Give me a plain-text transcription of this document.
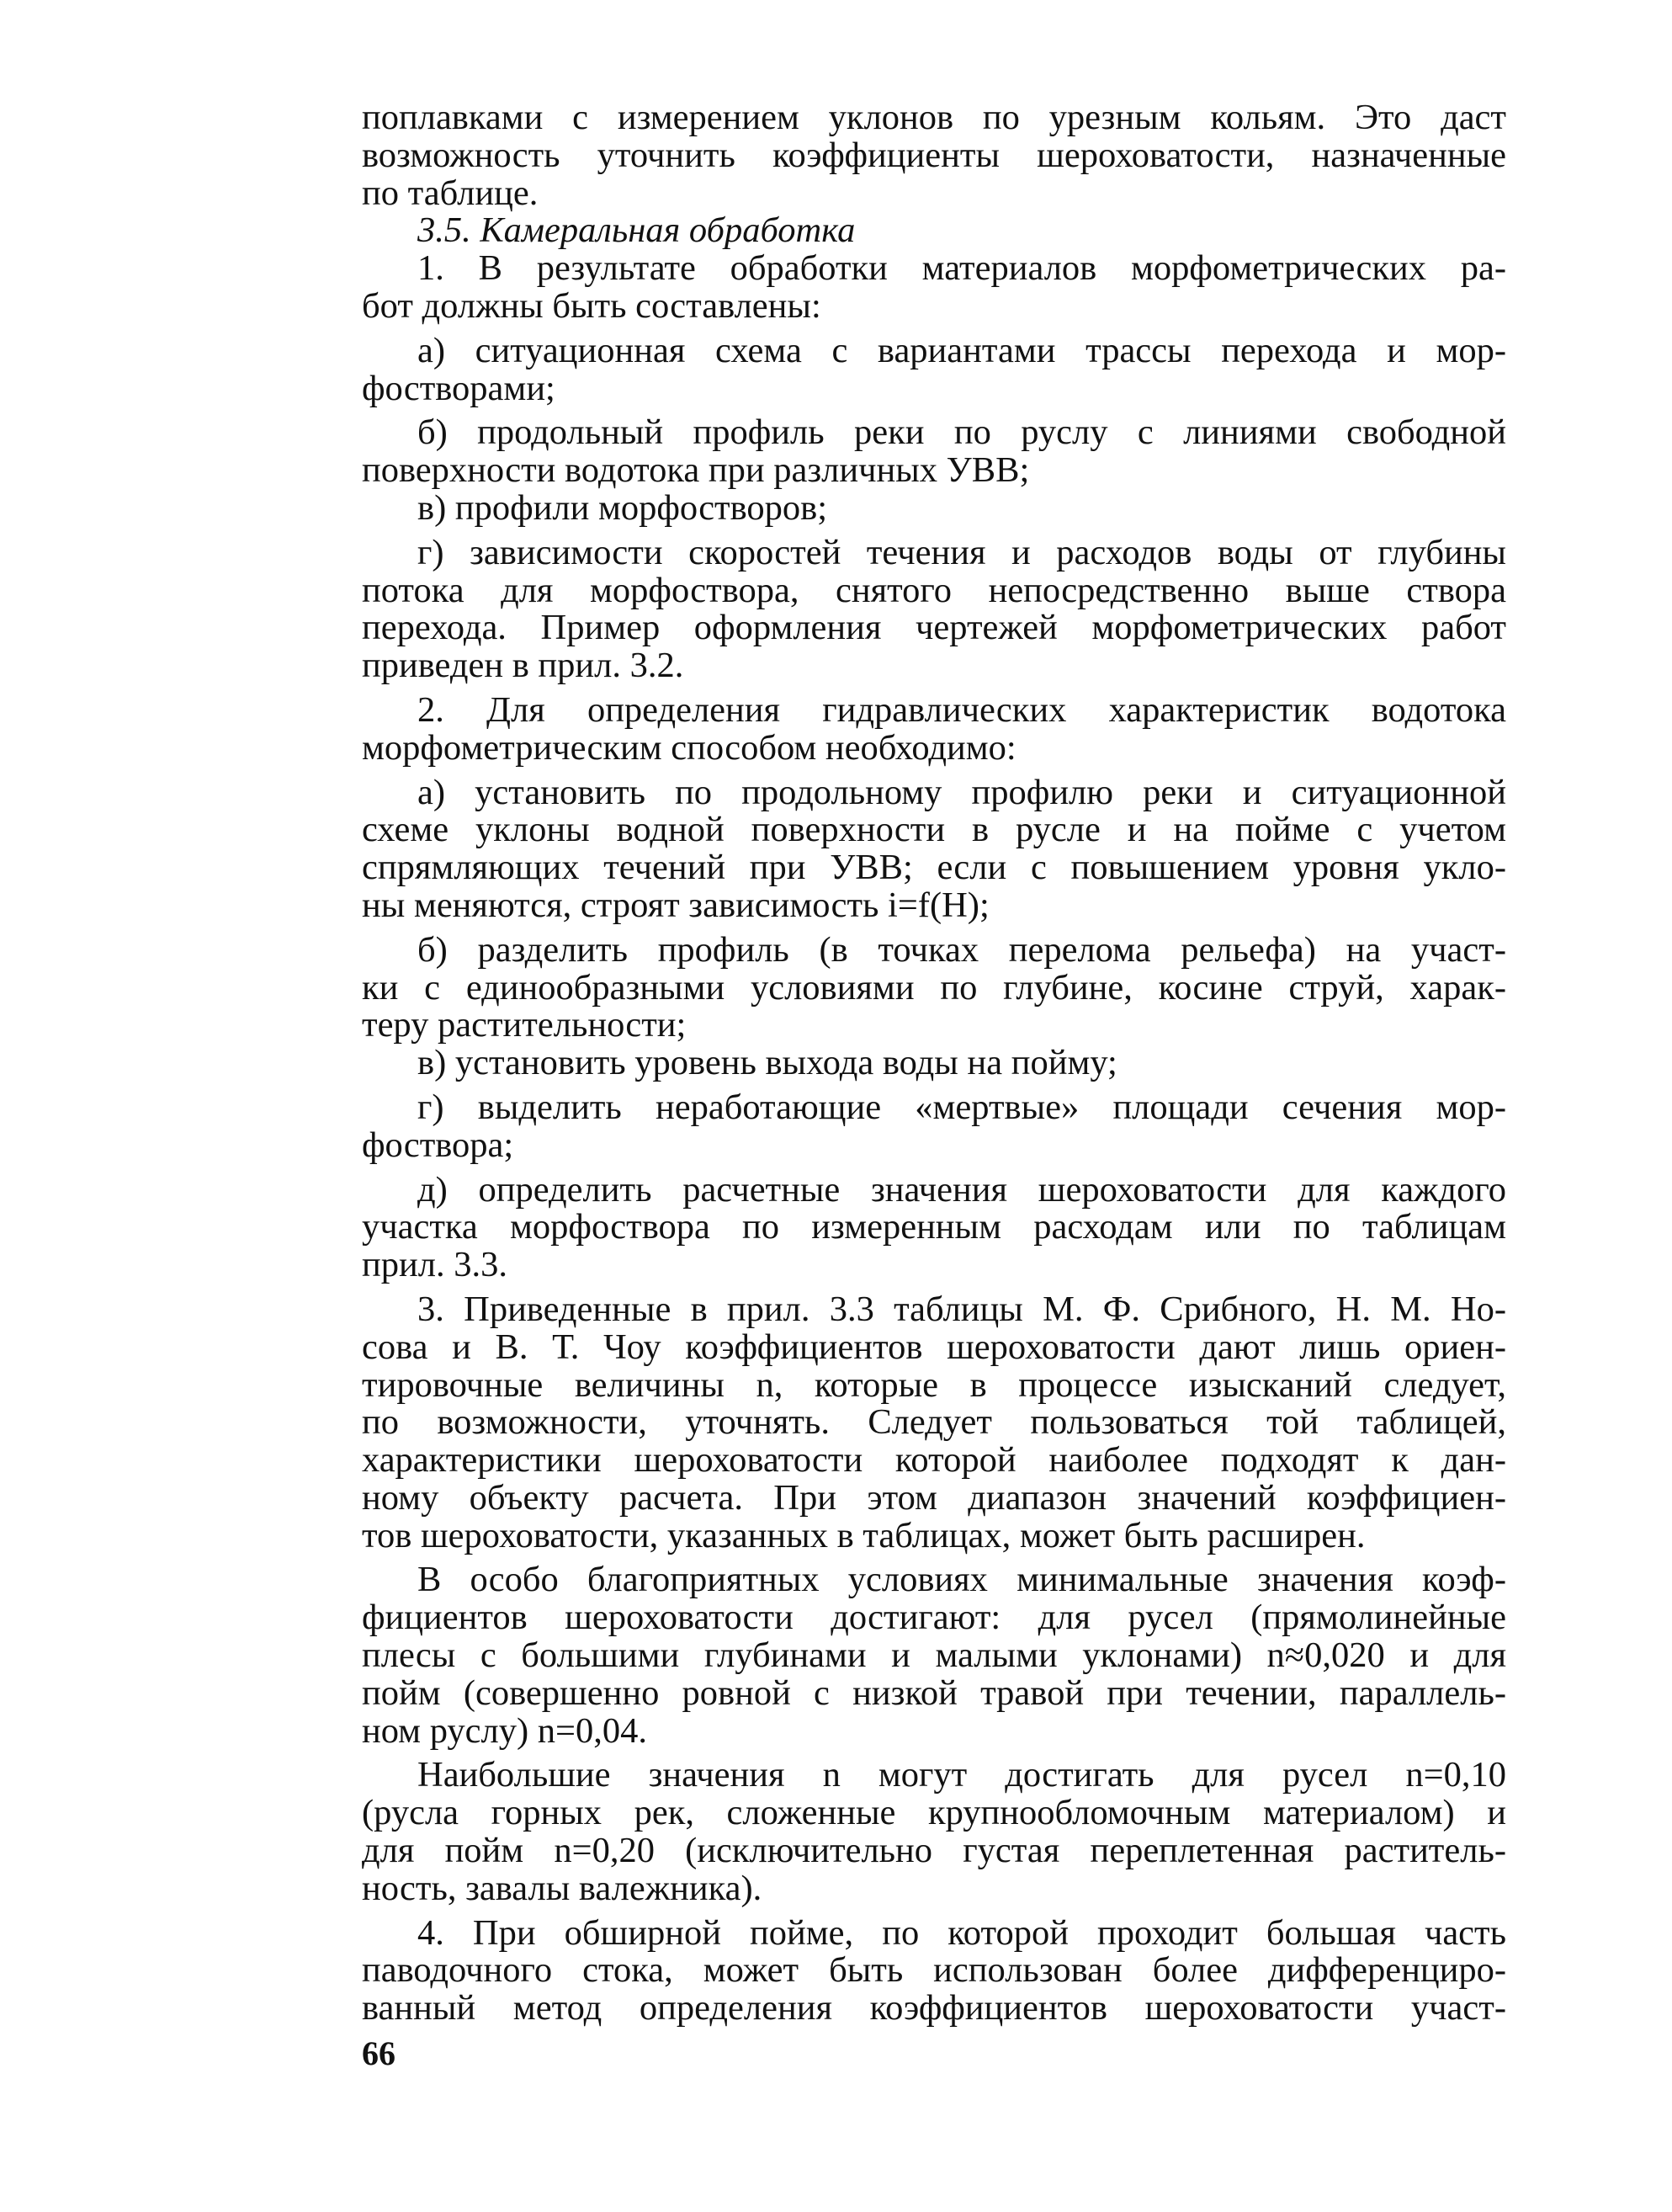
поплавками с измерением уклонов по урезным кольям. Это даст
возможность уточнить коэффициенты шероховатости, назначенные
по таблице.
3.5. Камеральная обработка
1. В результате обработки материалов морфометрических ра-
бот должны быть составлены:
а) ситуационная схема с вариантами трассы перехода и мор-
фостворами;
б) продольный профиль реки по руслу с линиями свободной
поверхности водотока при различных УВВ;
в) профили морфостворов;
г) зависимости скоростей течения и расходов воды от глубины
потока для морфоствора, снятого непосредственно выше створа
перехода. Пример оформления чертежей морфометрических работ
приведен в прил. 3.2.
2. Для определения гидравлических характеристик водотока
морфометрическим способом необходимо:
а) установить по продольному профилю реки и ситуационной
схеме уклоны водной поверхности в русле и на пойме с учетом
спрямляющих течений при УВВ; если с повышением уровня укло-
ны меняются, строят зависимость i=f(H);
б) разделить профиль (в точках перелома рельефа) на участ-
ки с единообразными условиями по глубине, косине струй, харак-
теру растительности;
в) установить уровень выхода воды на пойму;
г) выделить неработающие «мертвые» площади сечения мор-
фоствора;
д) определить расчетные значения шероховатости для каждого
участка морфоствора по измеренным расходам или по таблицам
прил. 3.3.
3. Приведенные в прил. 3.3 таблицы М. Ф. Срибного, Н. М. Но-
сова и В. Т. Чоу коэффициентов шероховатости дают лишь ориен-
тировочные величины n, которые в процессе изысканий следует,
по возможности, уточнять. Следует пользоваться той таблицей,
характеристики шероховатости которой наиболее подходят к дан-
ному объекту расчета. При этом диапазон значений коэффициен-
тов шероховатости, указанных в таблицах, может быть расширен.
В особо благоприятных условиях минимальные значения коэф-
фициентов шероховатости достигают: для русел (прямолинейные
плесы с большими глубинами и малыми уклонами) n≈0,020 и для
пойм (совершенно ровной с низкой травой при течении, параллель-
ном руслу) n=0,04.
Наибольшие значения n могут достигать для русел n=0,10
(русла горных рек, сложенные крупнообломочным материалом) и
для пойм n=0,20 (исключительно густая переплетенная раститель-
ность, завалы валежника).
4. При обширной пойме, по которой проходит большая часть
паводочного стока, может быть использован более дифференциро-
ванный метод определения коэффициентов шероховатости участ-
66
